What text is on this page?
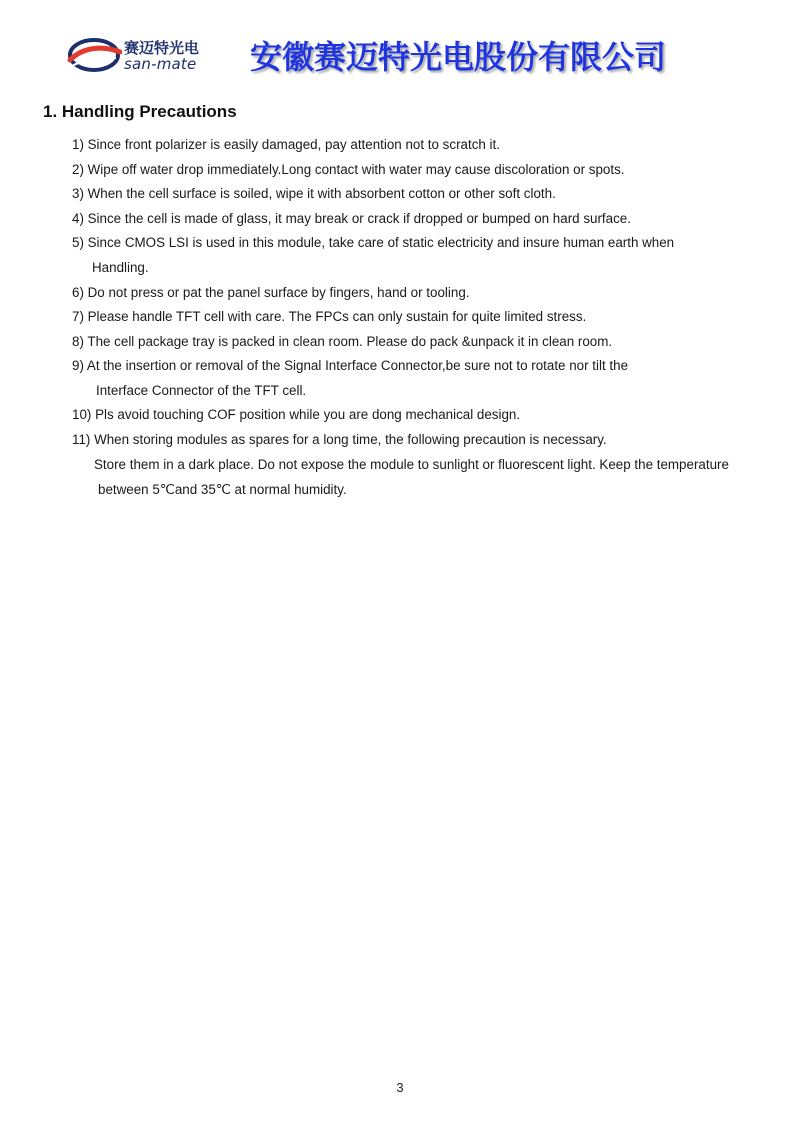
赛迈特光电
san-mate 安徽赛迈特光电股份有限公司
1. Handling Precautions
1) Since front polarizer is easily damaged, pay attention not to scratch it.
2) Wipe off water drop immediately.Long contact with water may cause discoloration or spots.
3) When the cell surface is soiled, wipe it with absorbent cotton or other soft cloth.
4) Since the cell is made of glass, it may break or crack if dropped or bumped on hard surface.
5) Since CMOS LSI is used in this module, take care of static electricity and insure human earth when
Handling.
6) Do not press or pat the panel surface by fingers, hand or tooling.
7) Please handle TFT cell with care. The FPCs can only sustain for quite limited stress.
8) The cell package tray is packed in clean room. Please do pack &unpack it in clean room.
9) At the insertion or removal of the Signal Interface Connector,be sure not to rotate nor tilt the
Interface Connector of the TFT cell.
10) Pls avoid touching COF position while you are dong mechanical design.
11) When storing modules as spares for a long time, the following precaution is necessary.
Store them in a dark place. Do not expose the module to sunlight or fluorescent light. Keep the temperature
between 5℃and 35℃ at normal humidity.
3
